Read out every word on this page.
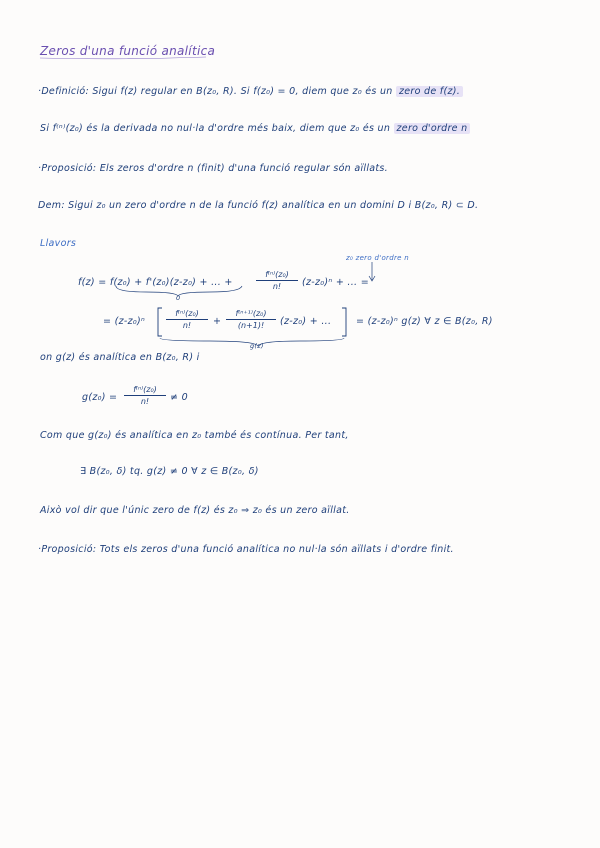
Zeros d'una funció analítica
·Definició: Sigui f(z) regular en B(z₀, R). Si f(z₀) = 0, diem que z₀ és un zero de f(z).
Si f⁽ⁿ⁾(z₀) és la derivada no nul·la d'ordre més baix, diem que z₀ és un zero d'ordre n
·Proposició: Els zeros d'ordre n (finit) d'una funció regular són aïllats.
Dem: Sigui z₀ un zero d'ordre n de la funció f(z) analítica en un domini D i B(z₀, R) ⊂ D.
Llavors
z₀ zero d'ordre n
f(z) = f(z₀) + f'(z₀)(z-z₀) + ... +
f⁽ⁿ⁾(z₀)
n!	(z-z₀)ⁿ + ... =
0
= (z-z₀)ⁿ
f⁽ⁿ⁾(z₀)
n!	+
f⁽ⁿ⁺¹⁾(z₀)
(n+1)!	(z-z₀) + ...	= (z-z₀)ⁿ g(z) ∀ z ∈ B(z₀, R)
g(z)
on g(z) és analítica en B(z₀, R) i
g(z₀) =
f⁽ⁿ⁾(z₀)
n!	≠ 0
Com que g(z₀) és analítica en z₀ també és contínua. Per tant,
∃ B(z₀, δ) tq. g(z) ≠ 0 ∀ z ∈ B(z₀, δ)
Això vol dir que l'únic zero de f(z) és z₀ ⇒ z₀ és un zero aïllat.
·Proposició: Tots els zeros d'una funció analítica no nul·la són aïllats i d'ordre finit.
